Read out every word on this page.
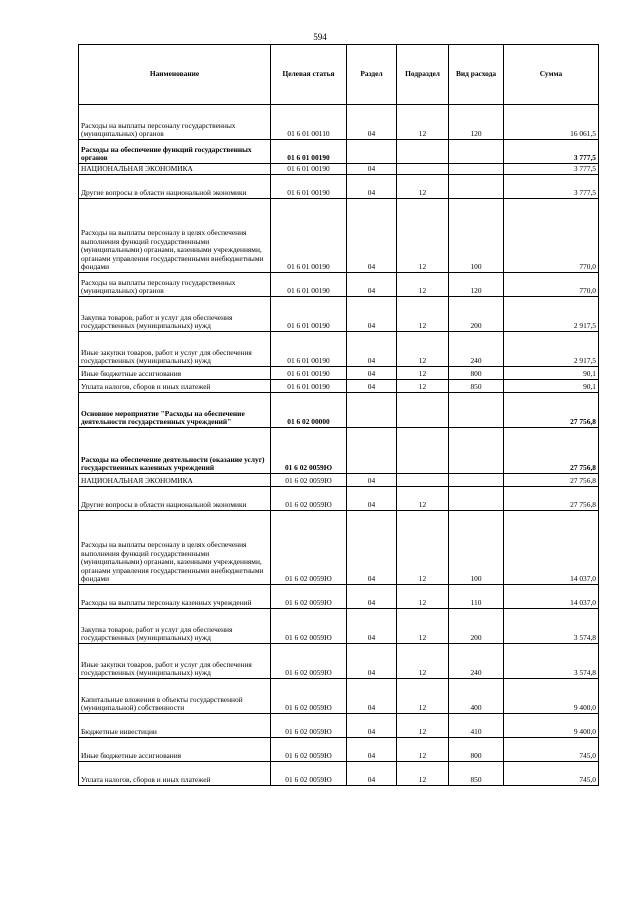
594
Наименование	Целевая статья	Раздел	Подраздел	Вид расхода	Сумма
Расходы на выплаты персоналу государственных (муниципальных) органов	01 6 01 00110	04	12	120	16 061,5
Расходы на обеспечение функций государственных органов	01 6 01 00190				3 777,5
НАЦИОНАЛЬНАЯ ЭКОНОМИКА	01 6 01 00190	04			3 777,5
Другие вопросы в области национальной экономики	01 6 01 00190	04	12		3 777,5
Расходы на выплаты персоналу в целях обеспечения выполнения функций государственными (муниципальными) органами, казенными учреждениями, органами управления государственными внебюджетными фондами	01 6 01 00190	04	12	100	770,0
Расходы на выплаты персоналу государственных (муниципальных) органов	01 6 01 00190	04	12	120	770,0
Закупка товаров, работ и услуг для обеспечения государственных (муниципальных) нужд	01 6 01 00190	04	12	200	2 917,5
Иные закупки товаров, работ и услуг для обеспечения государственных (муниципальных) нужд	01 6 01 00190	04	12	240	2 917,5
Иные бюджетные ассигнования	01 6 01 00190	04	12	800	90,1
Уплата налогов, сборов и иных платежей	01 6 01 00190	04	12	850	90,1
Основное мероприятие "Расходы на обеспечение деятельности государственных учреждений"	01 6 02 00000				27 756,8
Расходы на обеспечение деятельности (оказание услуг) государственных казенных учреждений	01 6 02 0059Ю				27 756,8
НАЦИОНАЛЬНАЯ ЭКОНОМИКА	01 6 02 0059Ю	04			27 756,8
Другие вопросы в области национальной экономики	01 6 02 0059Ю	04	12		27 756,8
Расходы на выплаты персоналу в целях обеспечения выполнения функций государственными (муниципальными) органами, казенными учреждениями, органами управления государственными внебюджетными фондами	01 6 02 0059Ю	04	12	100	14 037,0
Расходы на выплаты персоналу казенных учреждений	01 6 02 0059Ю	04	12	110	14 037,0
Закупка товаров, работ и услуг для обеспечения государственных (муниципальных) нужд	01 6 02 0059Ю	04	12	200	3 574,8
Иные закупки товаров, работ и услуг для обеспечения государственных (муниципальных) нужд	01 6 02 0059Ю	04	12	240	3 574,8
Капитальные вложения в объекты государственной (муниципальной) собственности	01 6 02 0059Ю	04	12	400	9 400,0
Бюджетные инвестиции	01 6 02 0059Ю	04	12	410	9 400,0
Иные бюджетные ассигнования	01 6 02 0059Ю	04	12	800	745,0
Уплата налогов, сборов и иных платежей	01 6 02 0059Ю	04	12	850	745,0
